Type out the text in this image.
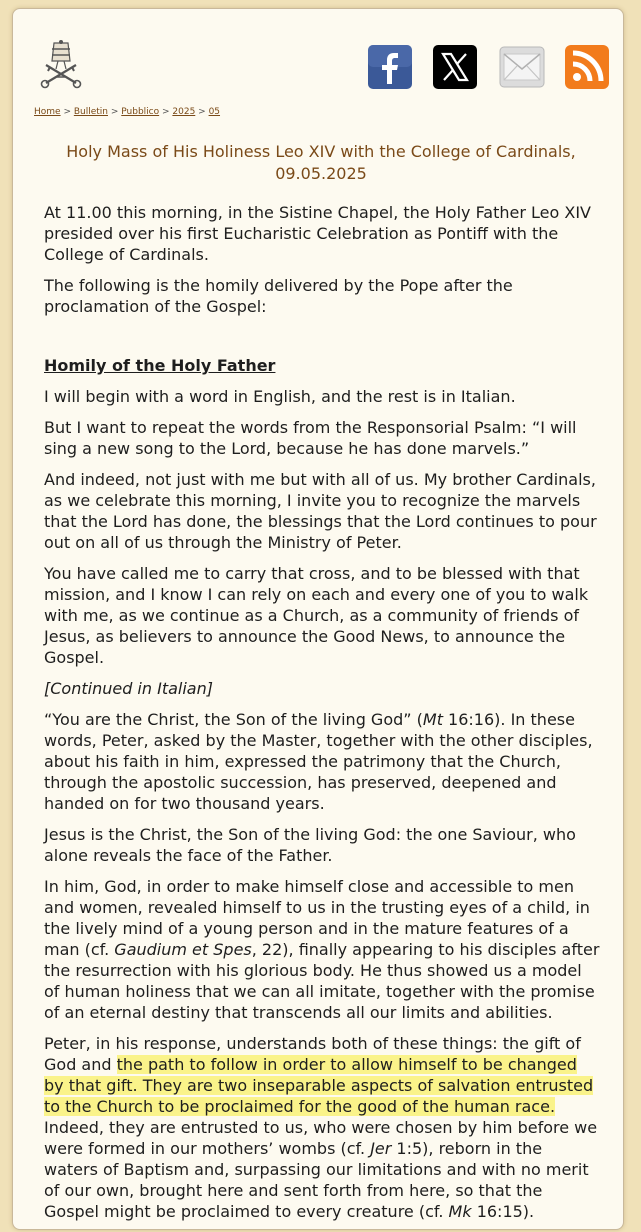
Home > Bulletin > Pubblico > 2025 > 05
Holy Mass of His Holiness Leo XIV with the College of Cardinals, 09.05.2025

At 11.00 this morning, in the Sistine Chapel, the Holy Father Leo XIV presided over his first Eucharistic Celebration as Pontiff with the College of Cardinals.

The following is the homily delivered by the Pope after the proclamation of the Gospel:

Homily of the Holy Father

I will begin with a word in English, and the rest is in Italian.

But I want to repeat the words from the Responsorial Psalm: “I will sing a new song to the Lord, because he has done marvels.”

And indeed, not just with me but with all of us. My brother Cardinals, as we celebrate this morning, I invite you to recognize the marvels that the Lord has done, the blessings that the Lord continues to pour out on all of us through the Ministry of Peter.

You have called me to carry that cross, and to be blessed with that mission, and I know I can rely on each and every one of you to walk with me, as we continue as a Church, as a community of friends of Jesus, as believers to announce the Good News, to announce the Gospel.

[Continued in Italian]

“You are the Christ, the Son of the living God” (Mt 16:16). In these words, Peter, asked by the Master, together with the other disciples, about his faith in him, expressed the patrimony that the Church, through the apostolic succession, has preserved, deepened and handed on for two thousand years.

Jesus is the Christ, the Son of the living God: the one Saviour, who alone reveals the face of the Father.

In him, God, in order to make himself close and accessible to men and women, revealed himself to us in the trusting eyes of a child, in the lively mind of a young person and in the mature features of a man (cf. Gaudium et Spes, 22), finally appearing to his disciples after the resurrection with his glorious body. He thus showed us a model of human holiness that we can all imitate, together with the promise of an eternal destiny that transcends all our limits and abilities.

Peter, in his response, understands both of these things: the gift of God and the path to follow in order to allow himself to be changed by that gift. They are two inseparable aspects of salvation entrusted to the Church to be proclaimed for the good of the human race. Indeed, they are entrusted to us, who were chosen by him before we were formed in our mothers’ wombs (cf. Jer 1:5), reborn in the waters of Baptism and, surpassing our limitations and with no merit of our own, brought here and sent forth from here, so that the Gospel might be proclaimed to every creature (cf. Mk 16:15).
